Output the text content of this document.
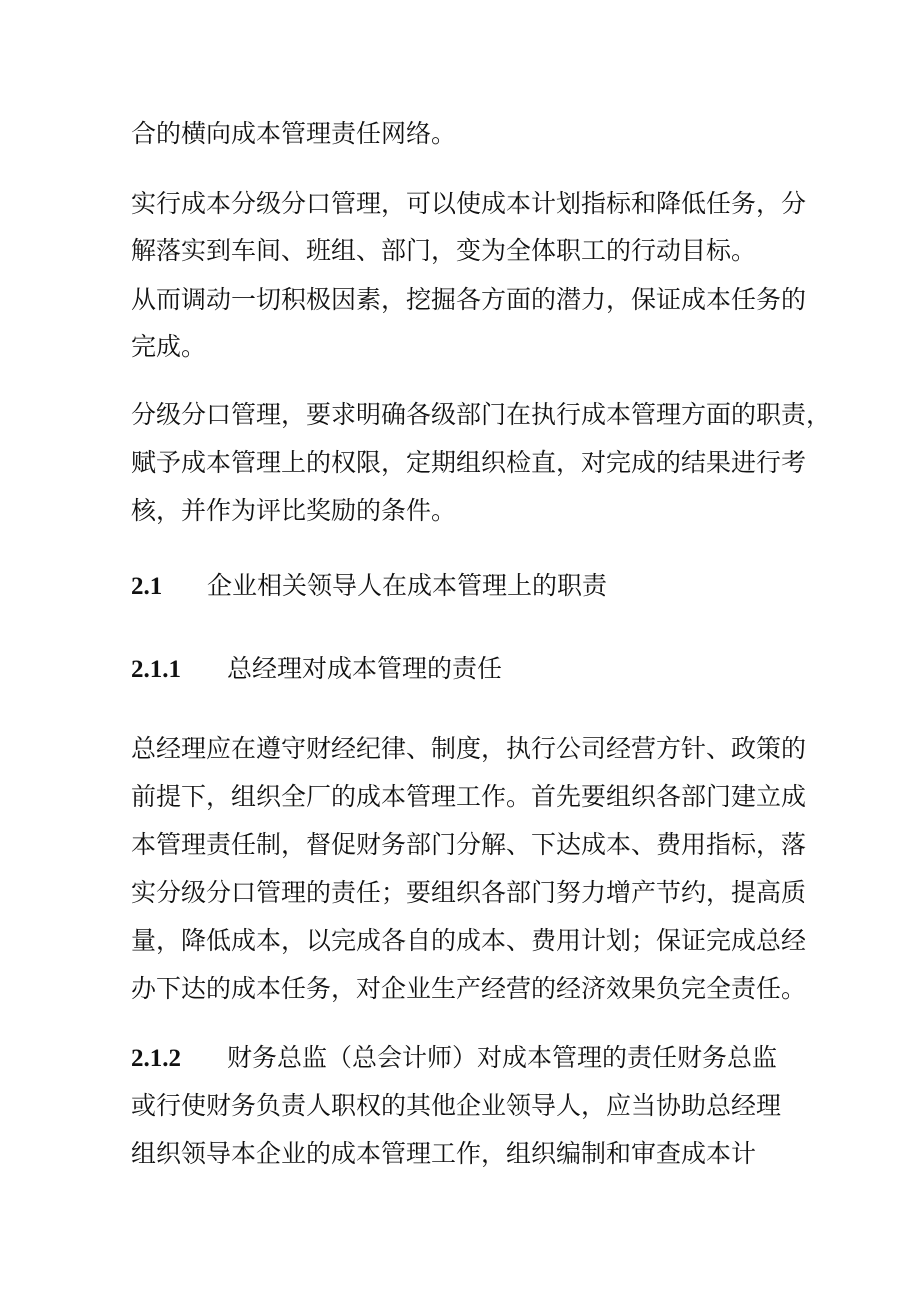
合的横向成本管理责任网络。
实行成本分级分口管理，可以使成本计划指标和降低任务，分
解落实到车间、班组、部门，变为全体职工的行动目标。
从而调动一切积极因素，挖掘各方面的潜力，保证成本任务的
完成。
分级分口管理，要求明确各级部门在执行成本管理方面的职责，
赋予成本管理上的权限，定期组织检直，对完成的结果进行考
核，并作为评比奖励的条件。
2.1 企业相关领导人在成本管理上的职责
2.1.1 总经理对成本管理的责任
总经理应在遵守财经纪律、制度，执行公司经营方针、政策的
前提下，组织全厂的成本管理工作。首先要组织各部门建立成
本管理责任制，督促财务部门分解、下达成本、费用指标，落
实分级分口管理的责任；要组织各部门努力增产节约，提高质
量，降低成本，以完成各自的成本、费用计划；保证完成总经
办下达的成本任务，对企业生产经营的经济效果负完全责任。
2.1.2 财务总监（总会计师）对成本管理的责任财务总监
或行使财务负责人职权的其他企业领导人，应当协助总经理
组织领导本企业的成本管理工作，组织编制和审查成本计
